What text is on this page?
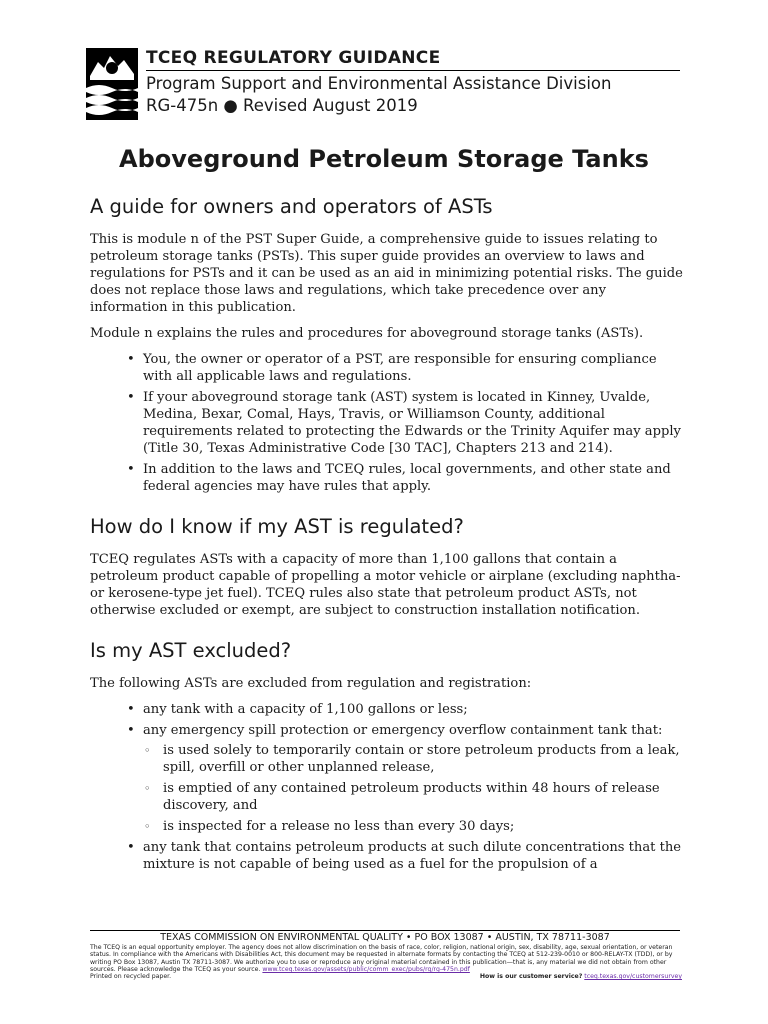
TCEQ REGULATORY GUIDANCE
Program Support and Environmental Assistance Division
RG-475n ● Revised August 2019
Aboveground Petroleum Storage Tanks
A guide for owners and operators of ASTs

This is module n of the PST Super Guide, a comprehensive guide to issues relating to petroleum storage tanks (PSTs). This super guide provides an overview to laws and regulations for PSTs and it can be used as an aid in minimizing potential risks. The guide does not replace those laws and regulations, which take precedence over any information in this publication.

Module n explains the rules and procedures for aboveground storage tanks (ASTs).

• You, the owner or operator of a PST, are responsible for ensuring compliance with all applicable laws and regulations.
• If your aboveground storage tank (AST) system is located in Kinney, Uvalde, Medina, Bexar, Comal, Hays, Travis, or Williamson County, additional requirements related to protecting the Edwards or the Trinity Aquifer may apply (Title 30, Texas Administrative Code [30 TAC], Chapters 213 and 214).
• In addition to the laws and TCEQ rules, local governments, and other state and federal agencies may have rules that apply.
How do I know if my AST is regulated?

TCEQ regulates ASTs with a capacity of more than 1,100 gallons that contain a petroleum product capable of propelling a motor vehicle or airplane (excluding naphtha- or kerosene-type jet fuel). TCEQ rules also state that petroleum product ASTs, not otherwise excluded or exempt, are subject to construction installation notification.

Is my AST excluded?

The following ASTs are excluded from regulation and registration:

• any tank with a capacity of 1,100 gallons or less;
• any emergency spill protection or emergency overflow containment tank that:
◦ is used solely to temporarily contain or store petroleum products from a leak, spill, overfill or other unplanned release,
◦ is emptied of any contained petroleum products within 48 hours of release discovery, and
◦ is inspected for a release no less than every 30 days;
• any tank that contains petroleum products at such dilute concentrations that the mixture is not capable of being used as a fuel for the propulsion of a
TEXAS COMMISSION ON ENVIRONMENTAL QUALITY • PO BOX 13087 • AUSTIN, TX 78711-3087
The TCEQ is an equal opportunity employer. The agency does not allow discrimination on the basis of race, color, religion, national origin, sex, disability, age, sexual orientation, or veteran status. In compliance with the Americans with Disabilities Act, this document may be requested in alternate formats by contacting the TCEQ at 512-239-0010 or 800-RELAY-TX (TDD), or by writing PO Box 13087, Austin TX 78711-3087. We authorize you to use or reproduce any original material contained in this publication—that is, any material we did not obtain from other sources. Please acknowledge the TCEQ as your source. www.tceq.texas.gov/assets/public/comm_exec/pubs/rg/rg-475n.pdf
Printed on recycled paper.	How is our customer service? tceq.texas.gov/customersurvey
